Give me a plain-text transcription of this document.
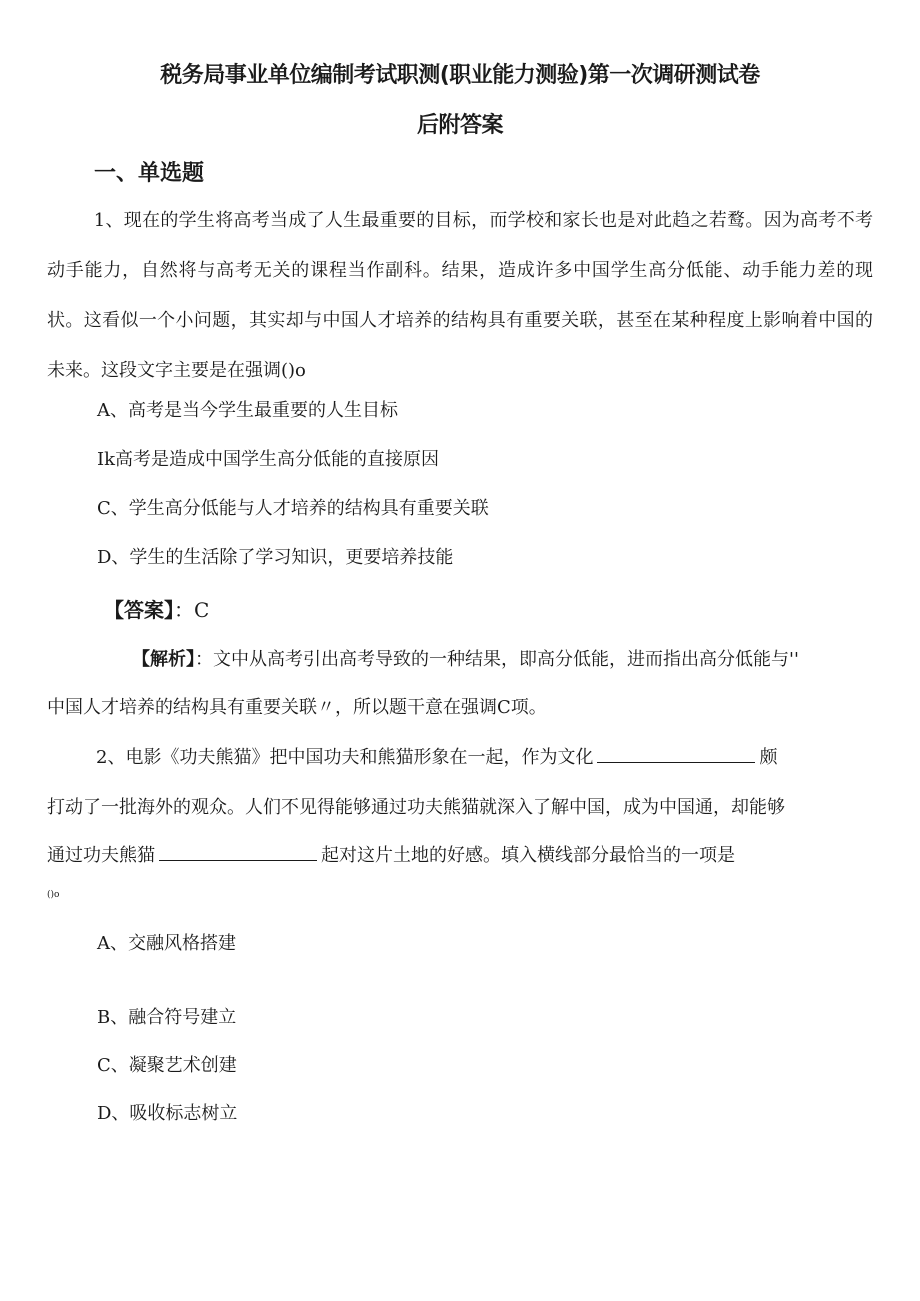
税务局事业单位编制考试职测(职业能力测验)第一次调研测试卷
后附答案
一、单选题
1、现在的学生将高考当成了人生最重要的目标，而学校和家长也是对此趋之若鹜。因为高考不考动手能力，自然将与高考无关的课程当作副科。结果，造成许多中国学生高分低能、动手能力差的现状。这看似一个小问题，其实却与中国人才培养的结构具有重要关联，甚至在某种程度上影响着中国的未来。这段文字主要是在强调()o
A、高考是当今学生最重要的人生目标
Ik高考是造成中国学生高分低能的直接原因
C、学生高分低能与人才培养的结构具有重要关联
D、学生的生活除了学习知识，更要培养技能
【答案】：C
【解析】：文中从高考引出高考导致的一种结果，即高分低能，进而指出高分低能与''
中国人才培养的结构具有重要关联〃，所以题干意在强调C项。
2、电影《功夫熊猫》把中国功夫和熊猫形象在一起，作为文化	颇
打动了一批海外的观众。人们不见得能够通过功夫熊猫就深入了解中国，成为中国通，却能够
通过功夫熊猫	起对这片土地的好感。填入横线部分最恰当的一项是
()o
A、交融风格搭建
B、融合符号建立
C、凝聚艺术创建
D、吸收标志树立
